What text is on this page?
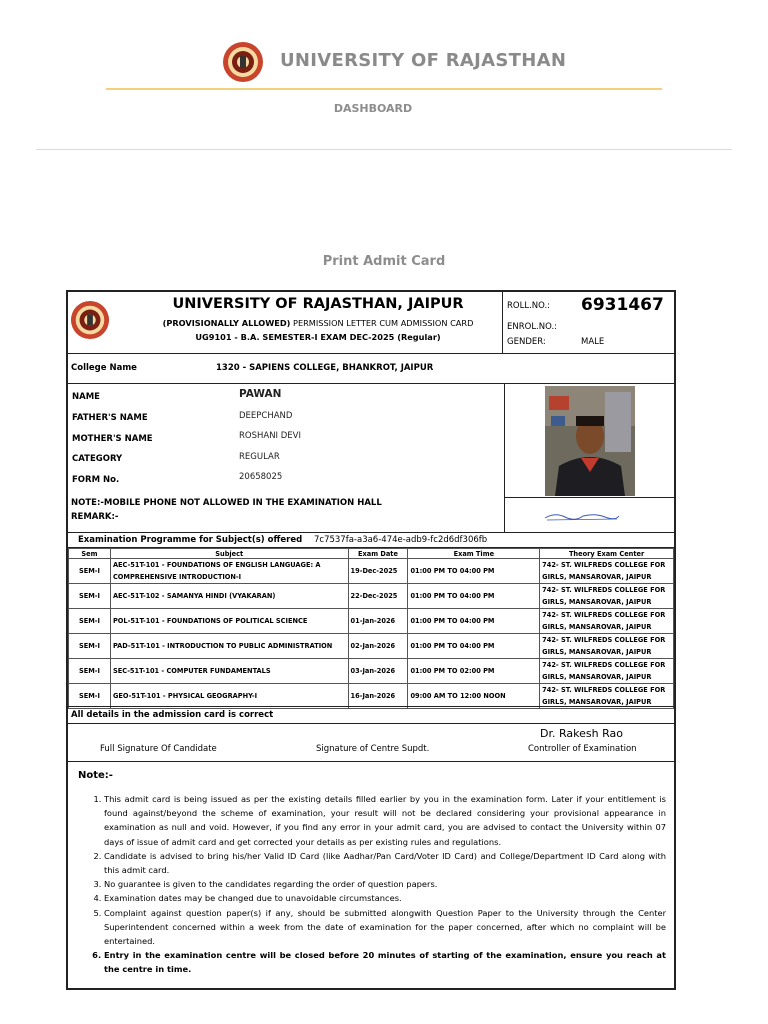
UNIVERSITY OF RAJASTHAN
DASHBOARD
Print Admit Card
UNIVERSITY OF RAJASTHAN, JAIPUR
(PROVISIONALLY ALLOWED) PERMISSION LETTER CUM ADMISSION CARD
UG9101 - B.A. SEMESTER-I EXAM DEC-2025 (Regular)
ROLL.NO.: 6931467
ENROL.NO.:
GENDER:	MALE
College Name	1320 - SAPIENS COLLEGE, BHANKROT, JAIPUR
NAME	PAWAN
FATHER'S NAME	DEEPCHAND
MOTHER'S NAME	ROSHANI DEVI
CATEGORY	REGULAR
FORM No.	20658025
NOTE:-MOBILE PHONE NOT ALLOWED IN THE EXAMINATION HALL
REMARK:-
Examination Programme for Subject(s) offered 7c7537fa-a3a6-474e-adb9-fc2d6df306fb
Sem	Subject	Exam Date	Exam Time	Theory Exam Center
SEM-I	AEC-51T-101 - FOUNDATIONS OF ENGLISH LANGUAGE: A COMPREHENSIVE INTRODUCTION-I	19-Dec-2025	01:00 PM TO 04:00 PM	742- ST. WILFREDS COLLEGE FOR GIRLS, MANSAROVAR, JAIPUR
SEM-I	AEC-51T-102 - SAMANYA HINDI (VYAKARAN)	22-Dec-2025	01:00 PM TO 04:00 PM	742- ST. WILFREDS COLLEGE FOR GIRLS, MANSAROVAR, JAIPUR
SEM-I	POL-51T-101 - FOUNDATIONS OF POLITICAL SCIENCE	01-Jan-2026	01:00 PM TO 04:00 PM	742- ST. WILFREDS COLLEGE FOR GIRLS, MANSAROVAR, JAIPUR
SEM-I	PAD-51T-101 - INTRODUCTION TO PUBLIC ADMINISTRATION	02-Jan-2026	01:00 PM TO 04:00 PM	742- ST. WILFREDS COLLEGE FOR GIRLS, MANSAROVAR, JAIPUR
SEM-I	SEC-51T-101 - COMPUTER FUNDAMENTALS	03-Jan-2026	01:00 PM TO 02:00 PM	742- ST. WILFREDS COLLEGE FOR GIRLS, MANSAROVAR, JAIPUR
SEM-I	GEO-51T-101 - PHYSICAL GEOGRAPHY-I	16-Jan-2026	09:00 AM TO 12:00 NOON	742- ST. WILFREDS COLLEGE FOR GIRLS, MANSAROVAR, JAIPUR
All details in the admission card is correct
Dr. Rakesh Rao
Full Signature Of Candidate	Signature of Centre Supdt.	Controller of Examination
Note:-
1. This admit card is being issued as per the existing details filled earlier by you in the examination form. Later if your entitlement is found against/beyond the scheme of examination, your result will not be declared considering your provisional appearance in examination as null and void. However, if you find any error in your admit card, you are advised to contact the University within 07 days of issue of admit card and get corrected your details as per existing rules and regulations.
2. Candidate is advised to bring his/her Valid ID Card (like Aadhar/Pan Card/Voter ID Card) and College/Department ID Card along with this admit card.
3. No guarantee is given to the candidates regarding the order of question papers.
4. Examination dates may be changed due to unavoidable circumstances.
5. Complaint against question paper(s) if any, should be submitted alongwith Question Paper to the University through the Center Superintendent concerned within a week from the date of examination for the paper concerned, after which no complaint will be entertained.
6. Entry in the examination centre will be closed before 20 minutes of starting of the examination, ensure you reach at the centre in time.
